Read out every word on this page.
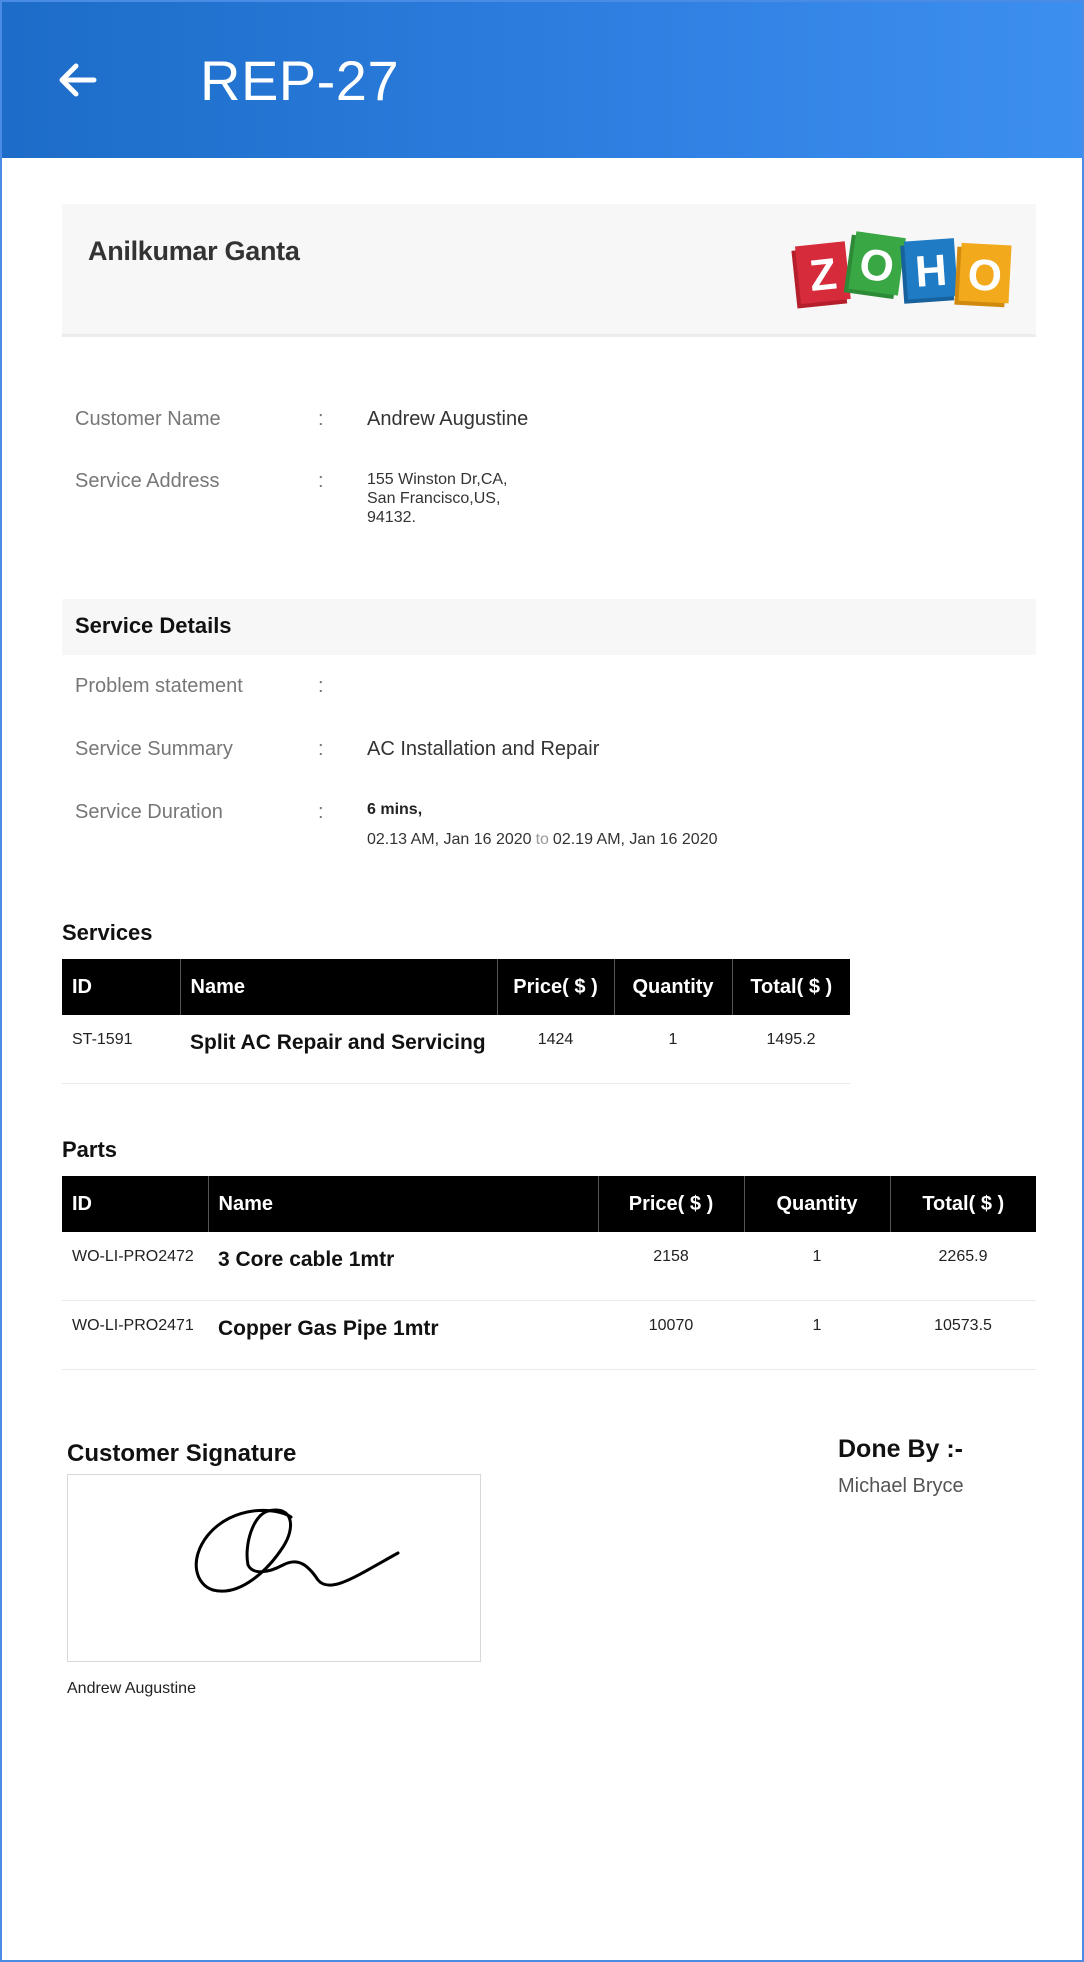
REP-27
Anilkumar Ganta	Z O H O
Customer Name	: Andrew Augustine
Service Address	:	155 Winston Dr,CA,
San Francisco,US,
94132.
Service Details
Problem statement	:
Service Summary	: AC Installation and Repair
Service Duration	:	6 mins,
02.13 AM, Jan 16 2020 to 02.19 AM, Jan 16 2020
Services
ID	Name	Price( $ )	Quantity	Total( $ )
ST-1591	Split AC Repair and Servicing	1424	1	1495.2
Parts
ID	Name	Price( $ )	Quantity	Total( $ )
WO-LI-PRO2472	3 Core cable 1mtr	2158	1	2265.9
WO-LI-PRO2471	Copper Gas Pipe 1mtr	10070	1	10573.5
Customer Signature
Andrew Augustine
Done By :-
Michael Bryce
